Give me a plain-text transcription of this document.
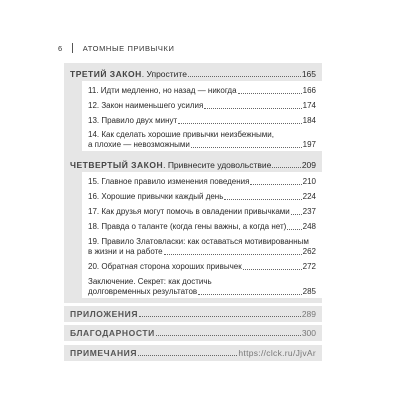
6	АТОМНЫЕ ПРИВЫЧКИ
ТРЕТИЙ ЗАКОН. Упростите	165
11. Идти медленно, но назад — никогда	166
12. Закон наименьшего усилия	174
13. Правило двух минут	184
14. Как сделать хорошие привычки неизбежными,
а плохие — невозможными	197
ЧЕТВЕРТЫЙ ЗАКОН. Привнесите удовольствие	209
15. Главное правило изменения поведения	210
16. Хорошие привычки каждый день	224
17. Как друзья могут помочь в овладении привычками 237
18. Правда о таланте (когда гены важны, а когда нет) 248
19. Правило Златовласки: как оставаться мотивированным
в жизни и на работе	262
20. Обратная сторона хороших привычек	272
Заключение. Секрет: как достичь
долговременных результатов	285
ПРИЛОЖЕНИЯ	289
БЛАГОДАРНОСТИ	300
ПРИМЕЧАНИЯ	https://clck.ru/JjvAr
